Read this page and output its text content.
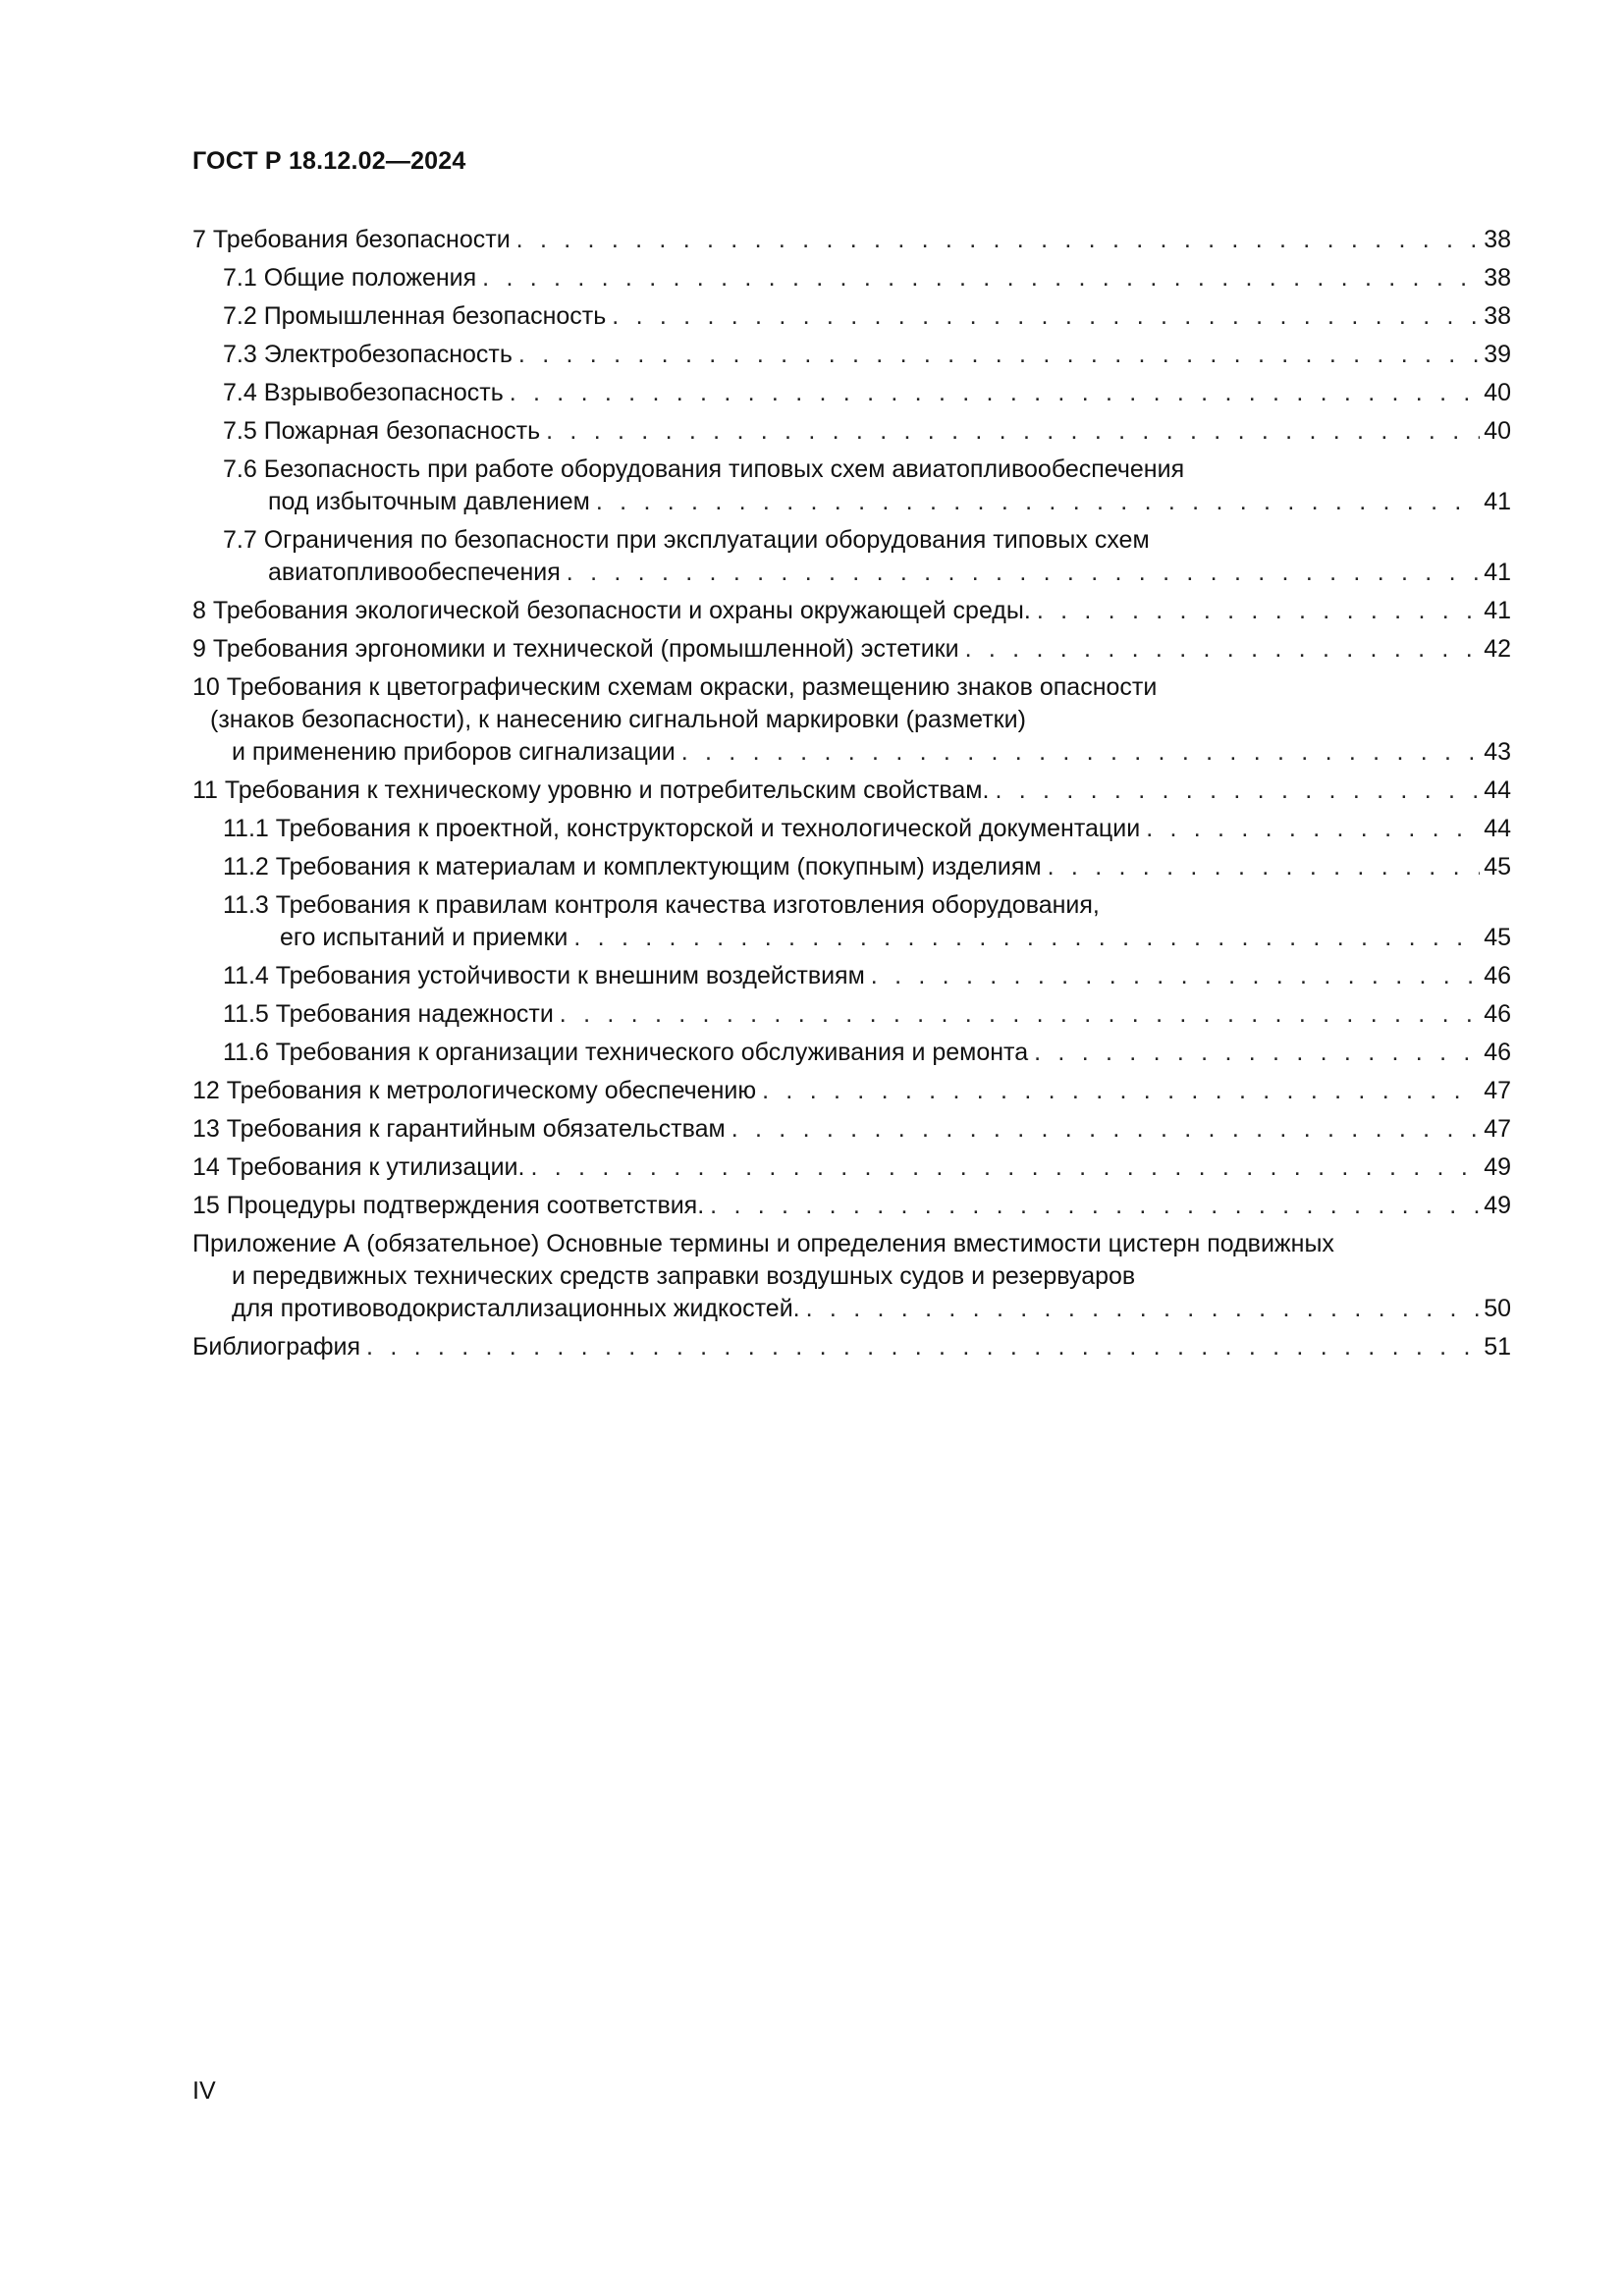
ГОСТ Р 18.12.02—2024
7 Требования безопасности . . .	38
7.1 Общие положения . . .	38
7.2 Промышленная безопасность . . .	38
7.3 Электробезопасность . . .	39
7.4 Взрывобезопасность . . .	40
7.5 Пожарная безопасность . . .	40
7.6 Безопасность при работе оборудования типовых схем авиатопливообеспечения
под избыточным давлением . . .	41
7.7 Ограничения по безопасности при эксплуатации оборудования типовых схем
авиатопливообеспечения . . .	41
8 Требования экологической безопасности и охраны окружающей среды. . . .	41
9 Требования эргономики и технической (промышленной) эстетики . . .	42
10 Требования к цветографическим схемам окраски, размещению знаков опасности
(знаков безопасности), к нанесению сигнальной маркировки (разметки)
и применению приборов сигнализации . . .	43
11 Требования к техническому уровню и потребительским свойствам. . . .	44
11.1 Требования к проектной, конструкторской и технологической документации . . .	44
11.2 Требования к материалам и комплектующим (покупным) изделиям . . .	45
11.3 Требования к правилам контроля качества изготовления оборудования,
его испытаний и приемки . . .	45
11.4 Требования устойчивости к внешним воздействиям . . .	46
11.5 Требования надежности . . .	46
11.6 Требования к организации технического обслуживания и ремонта . . .	46
12 Требования к метрологическому обеспечению . . .	47
13 Требования к гарантийным обязательствам . . .	47
14 Требования к утилизации. . . .	49
15 Процедуры подтверждения соответствия. . . .	49
Приложение А (обязательное) Основные термины и определения вместимости цистерн подвижных
и передвижных технических средств заправки воздушных судов и резервуаров
для противоводокристаллизационных жидкостей. . . .	50
Библиография . . .	51
IV
